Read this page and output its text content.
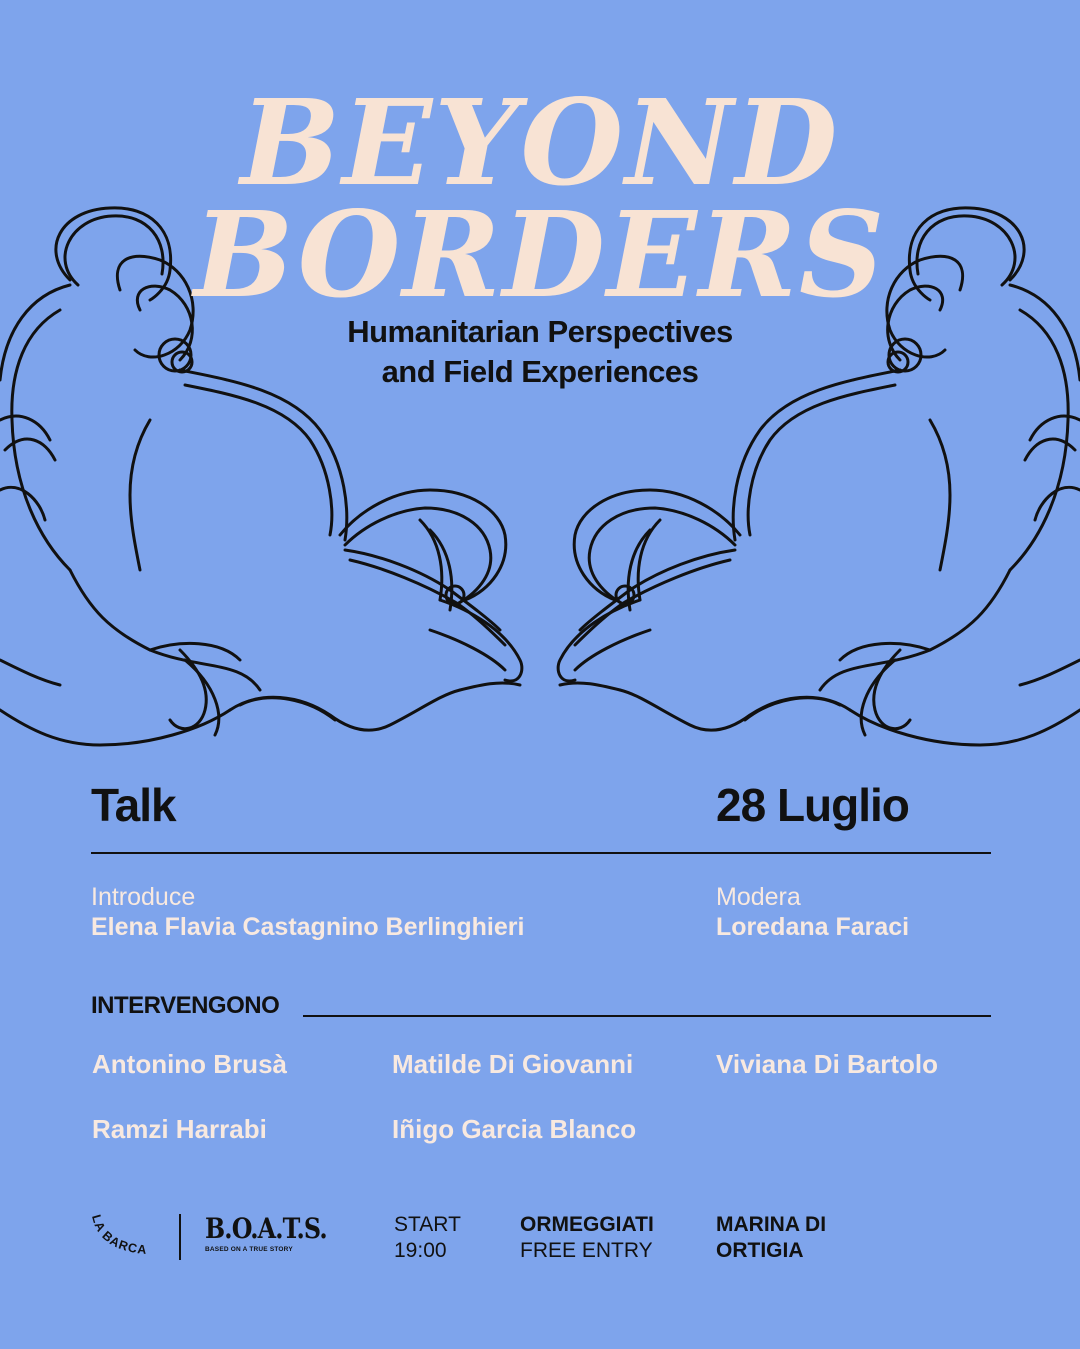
BEYOND
BORDERS
Humanitarian Perspectives
and Field Experiences
Talk	28 Luglio
Introduce
Elena Flavia Castagnino Berlinghieri
Modera
Loredana Faraci
INTERVENGONO
Antonino Brusà	Matilde Di Giovanni	Viviana Di Bartolo
Ramzi Harrabi	Iñigo Garcia Blanco
LA BARCA
B.O.A.T.S.
BASED ON A TRUE STORY
START
19:00
ORMEGGIATI
FREE ENTRY
MARINA DI
ORTIGIA
